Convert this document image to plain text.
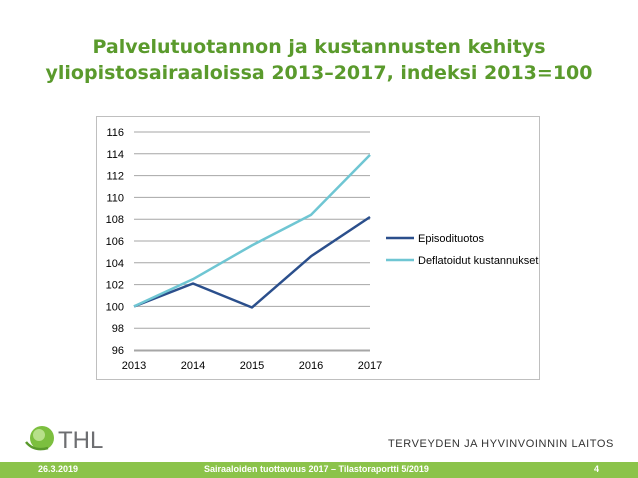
Palvelutuotannon ja kustannusten kehitys
yliopistosairaaloissa 2013–2017, indeksi 2013=100
96
98
100
102
104
106
108
110
112
114
116
2013	2014	2015	2016	2017
Episodituotos
Deflatoidut kustannukset
THL	TERVEYDEN JA HYVINVOINNIN LAITOS
26.3.2019	Sairaaloiden tuottavuus 2017 – Tilastoraportti 5/2019	4
